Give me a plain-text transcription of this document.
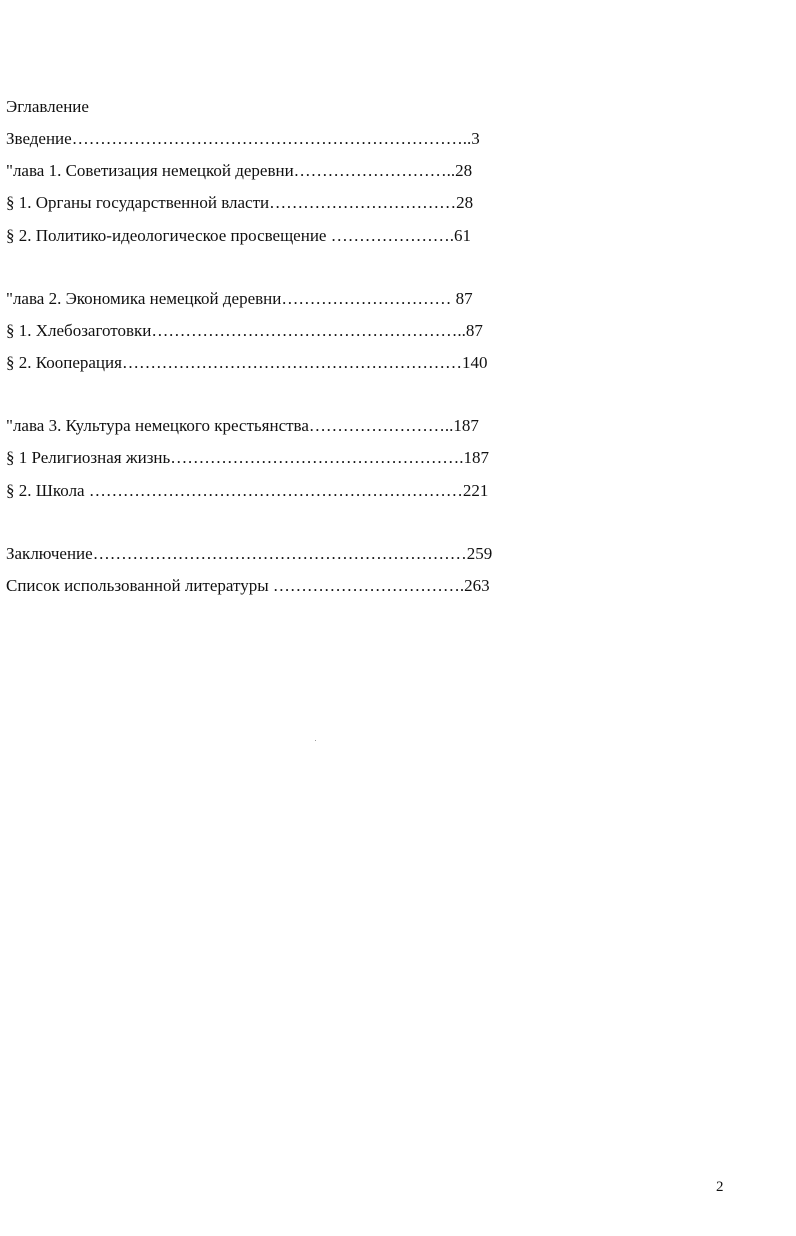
Эглавление
Зведение……………………………………………………………..3
"лава 1. Советизация немецкой деревни………………………..28
§ 1. Органы государственной власти……………………………28
§ 2. Политико-идеологическое просвещение ………………….61
"лава 2. Экономика немецкой деревни………………………… 87
§ 1. Хлебозаготовки………………………………………………..87
§ 2. Кооперация……………………………………………………140
"лава 3. Культура немецкого крестьянства……………………..187
§ 1 Религиозная жизнь…………………………………………….187
§ 2. Школа …………………………………………………………221
Заключение…………………………………………………………259
Список использованной литературы …………………………….263
2
